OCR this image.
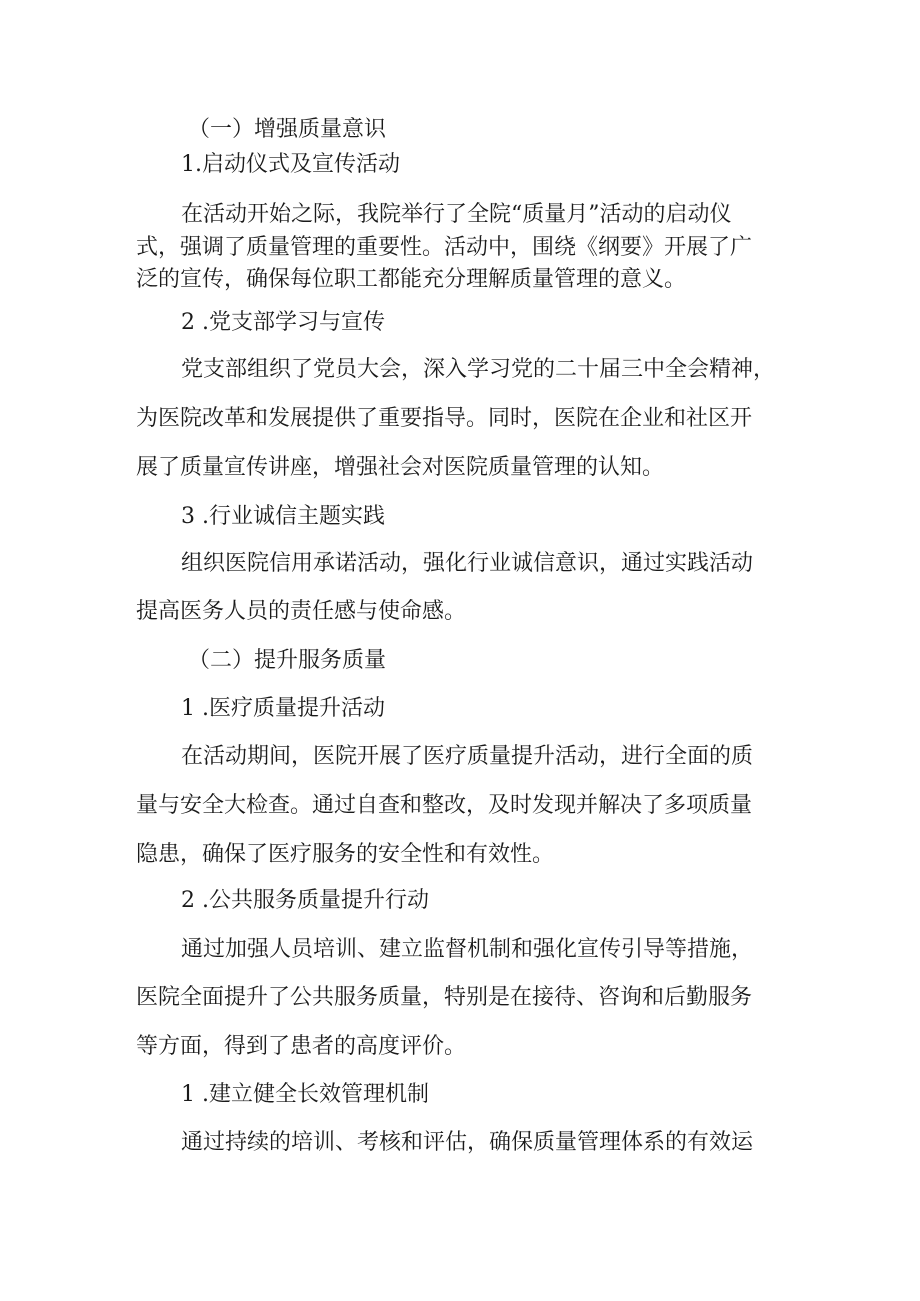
（一）增强质量意识
1.启动仪式及宣传活动
在活动开始之际，我院举行了全院“质量月”活动的启动仪
式，强调了质量管理的重要性。活动中，围绕《纲要》开展了广
泛的宣传，确保每位职工都能充分理解质量管理的意义。
2 .党支部学习与宣传
党支部组织了党员大会，深入学习党的二十届三中全会精神，
为医院改革和发展提供了重要指导。同时，医院在企业和社区开
展了质量宣传讲座，增强社会对医院质量管理的认知。
3 .行业诚信主题实践
组织医院信用承诺活动，强化行业诚信意识，通过实践活动
提高医务人员的责任感与使命感。
（二）提升服务质量
1 .医疗质量提升活动
在活动期间，医院开展了医疗质量提升活动，进行全面的质
量与安全大检查。通过自查和整改，及时发现并解决了多项质量
隐患，确保了医疗服务的安全性和有效性。
2 .公共服务质量提升行动
通过加强人员培训、建立监督机制和强化宣传引导等措施，
医院全面提升了公共服务质量，特别是在接待、咨询和后勤服务
等方面，得到了患者的高度评价。
1 .建立健全长效管理机制
通过持续的培训、考核和评估，确保质量管理体系的有效运
